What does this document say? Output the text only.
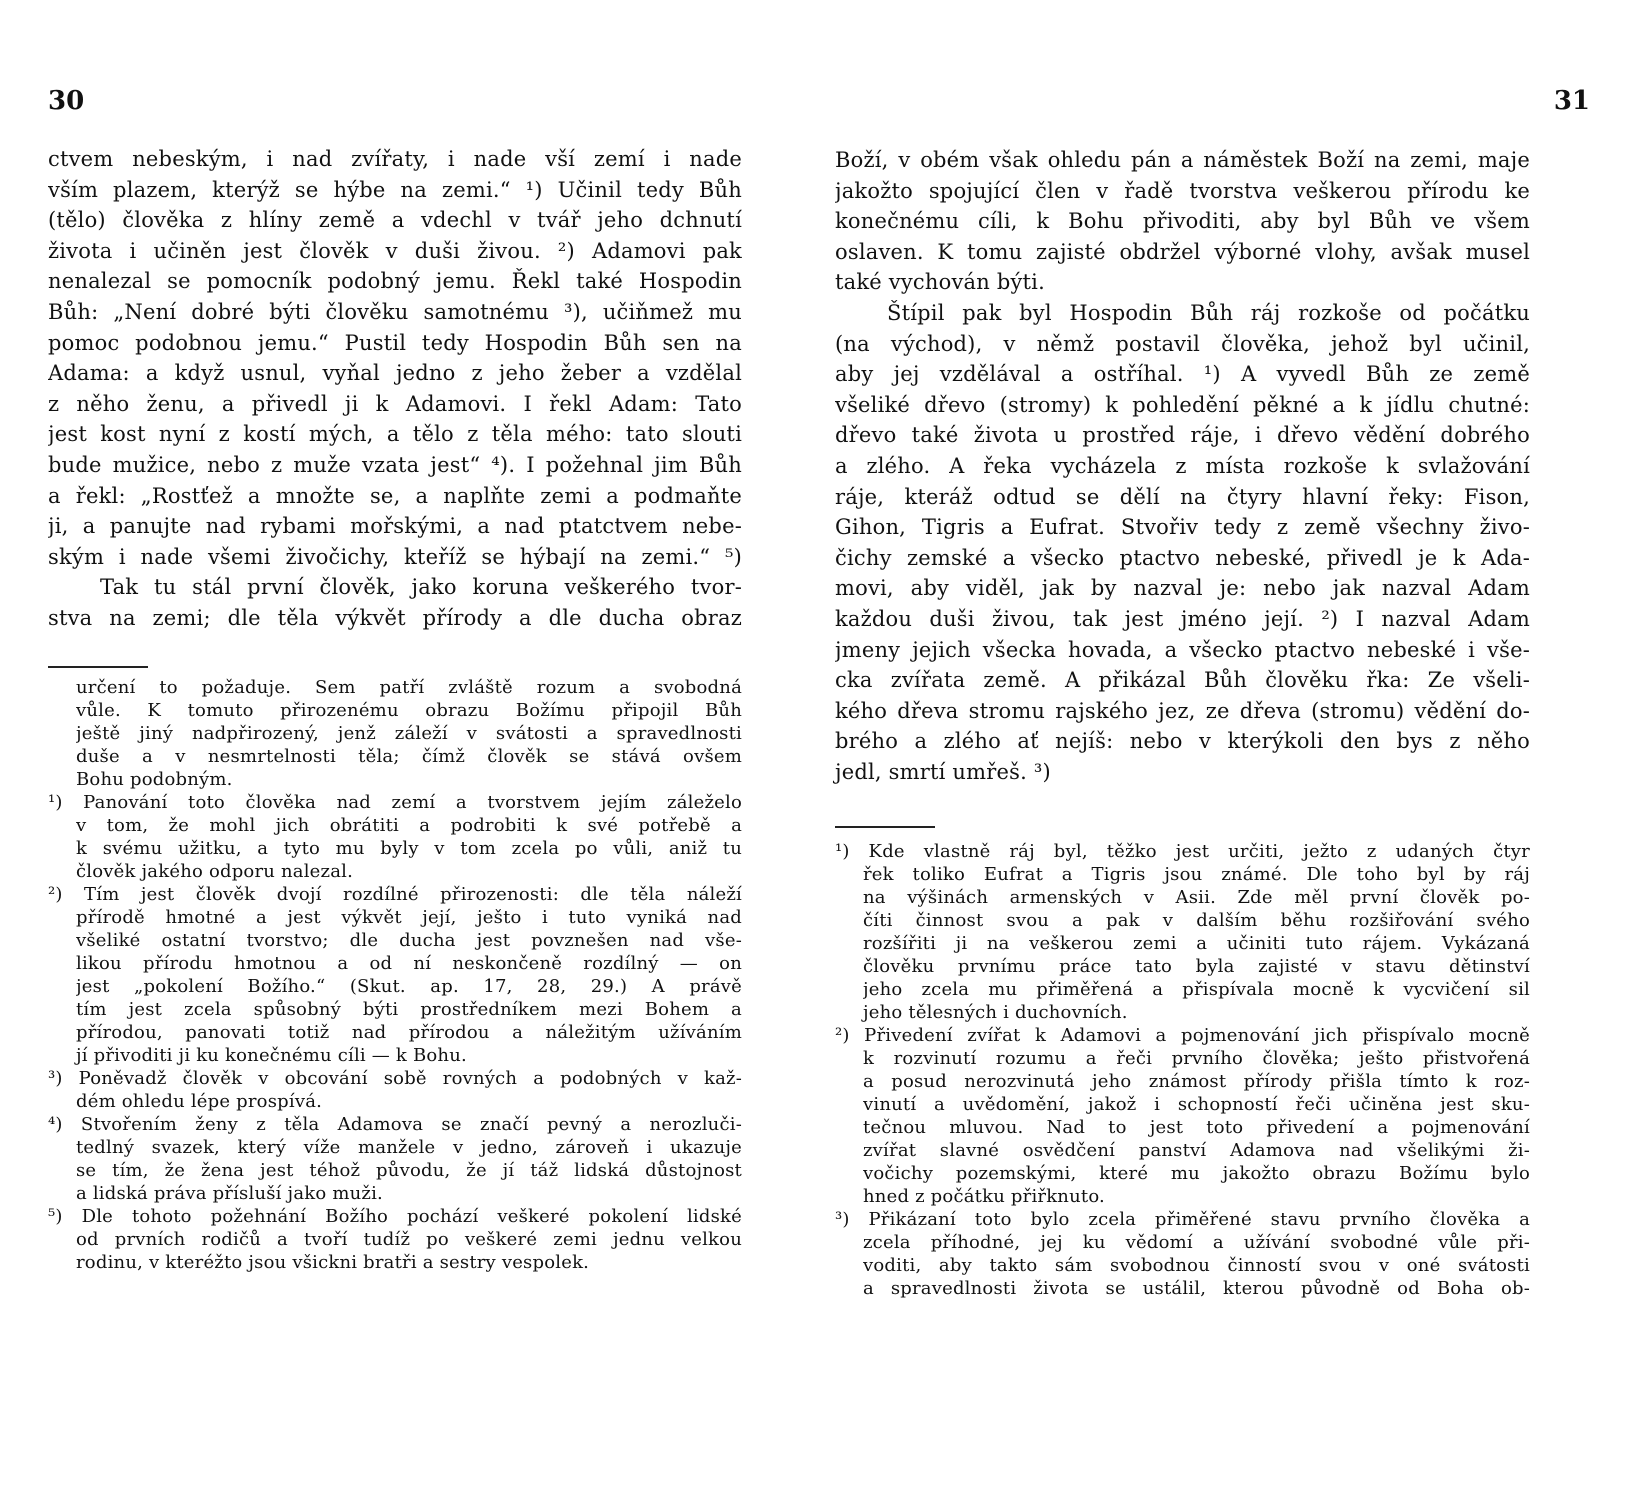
30
ctvem nebeským, i nad zvířaty, i nade vší zemí i nade
vším plazem, kterýž se hýbe na zemi.“ ¹) Učinil tedy Bůh
(tělo) člověka z hlíny země a vdechl v tvář jeho dchnutí
života i učiněn jest člověk v duši živou. ²) Adamovi pak
nenalezal se pomocník podobný jemu. Řekl také Hospodin
Bůh: „Není dobré býti člověku samotnému ³), učiňmež mu
pomoc podobnou jemu.“ Pustil tedy Hospodin Bůh sen na
Adama: a když usnul, vyňal jedno z jeho žeber a vzdělal
z něho ženu, a přivedl ji k Adamovi. I řekl Adam: Tato
jest kost nyní z kostí mých, a tělo z těla mého: tato slouti
bude mužice, nebo z muže vzata jest“ ⁴). I požehnal jim Bůh
a řekl: „Rostťež a množte se, a naplňte zemi a podmaňte
ji, a panujte nad rybami mořskými, a nad ptatctvem nebe-
ským i nade všemi živočichy, kteříž se hýbají na zemi.“ ⁵)
Tak tu stál první člověk, jako koruna veškerého tvor-
stva na zemi; dle těla výkvět přírody a dle ducha obraz
určení to požaduje. Sem patří zvláště rozum a svobodná
vůle. K tomuto přirozenému obrazu Božímu připojil Bůh
ještě jiný nadpřirozený, jenž záleží v svátosti a spravedlnosti
duše a v nesmrtelnosti těla; čímž člověk se stává ovšem
Bohu podobným.
¹) Panování toto člověka nad zemí a tvorstvem jejím záleželo
v tom, že mohl jich obrátiti a podrobiti k své potřebě a
k svému užitku, a tyto mu byly v tom zcela po vůli, aniž tu
člověk jakého odporu nalezal.
²) Tím jest člověk dvojí rozdílné přirozenosti: dle těla náleží
přírodě hmotné a jest výkvět její, ješto i tuto vyniká nad
všeliké ostatní tvorstvo; dle ducha jest povznešen nad vše-
likou přírodu hmotnou a od ní neskončeně rozdílný — on
jest „pokolení Božího.“ (Skut. ap. 17, 28, 29.) A právě
tím jest zcela spůsobný býti prostředníkem mezi Bohem a
přírodou, panovati totiž nad přírodou a náležitým užíváním
jí přivoditi ji ku konečnému cíli — k Bohu.
³) Poněvadž člověk v obcování sobě rovných a podobných v kaž-
dém ohledu lépe prospívá.
⁴) Stvořením ženy z těla Adamova se značí pevný a nerozluči-
tedlný svazek, který víže manžele v jedno, zároveň i ukazuje
se tím, že žena jest téhož původu, že jí táž lidská důstojnost
a lidská práva přísluší jako muži.
⁵) Dle tohoto požehnání Božího pochází veškeré pokolení lidské
od prvních rodičů a tvoří tudíž po veškeré zemi jednu velkou
rodinu, v kteréžto jsou všickni bratři a sestry vespolek.
31
Boží, v obém však ohledu pán a náměstek Boží na zemi, maje
jakožto spojující člen v řadě tvorstva veškerou přírodu ke
konečnému cíli, k Bohu přivoditi, aby byl Bůh ve všem
oslaven. K tomu zajisté obdržel výborné vlohy, avšak musel
také vychován býti.
Štípil pak byl Hospodin Bůh ráj rozkoše od počátku
(na východ), v němž postavil člověka, jehož byl učinil,
aby jej vzdělával a ostříhal. ¹) A vyvedl Bůh ze země
všeliké dřevo (stromy) k pohledění pěkné a k jídlu chutné:
dřevo také života u prostřed ráje, i dřevo vědění dobrého
a zlého. A řeka vycházela z místa rozkoše k svlažování
ráje, kteráž odtud se dělí na čtyry hlavní řeky: Fison,
Gihon, Tigris a Eufrat. Stvořiv tedy z země všechny živo-
čichy zemské a všecko ptactvo nebeské, přivedl je k Ada-
movi, aby viděl, jak by nazval je: nebo jak nazval Adam
každou duši živou, tak jest jméno její. ²) I nazval Adam
jmeny jejich všecka hovada, a všecko ptactvo nebeské i vše-
cka zvířata země. A přikázal Bůh člověku řka: Ze všeli-
kého dřeva stromu rajského jez, ze dřeva (stromu) vědění do-
brého a zlého ať nejíš: nebo v kterýkoli den bys z něho
jedl, smrtí umřeš. ³)
¹) Kde vlastně ráj byl, těžko jest určiti, ježto z udaných čtyr
řek toliko Eufrat a Tigris jsou známé. Dle toho byl by ráj
na výšinách armenských v Asii. Zde měl první člověk po-
číti činnost svou a pak v dalším běhu rozšiřování svého
rozšířiti ji na veškerou zemi a učiniti tuto rájem. Vykázaná
člověku prvnímu práce tato byla zajisté v stavu dětinství
jeho zcela mu přiměřená a přispívala mocně k vycvičení sil
jeho tělesných i duchovních.
²) Přivedení zvířat k Adamovi a pojmenování jich přispívalo mocně
k rozvinutí rozumu a řeči prvního člověka; ješto přistvořená
a posud nerozvinutá jeho známost přírody přišla tímto k roz-
vinutí a uvědomění, jakož i schopností řeči učiněna jest sku-
tečnou mluvou. Nad to jest toto přivedení a pojmenování
zvířat slavné osvědčení panství Adamova nad všelikými ži-
vočichy pozemskými, které mu jakožto obrazu Božímu bylo
hned z počátku přiřknuto.
³) Přikázaní toto bylo zcela přiměřené stavu prvního člověka a
zcela příhodné, jej ku vědomí a užívání svobodné vůle při-
voditi, aby takto sám svobodnou činností svou v oné svátosti
a spravedlnosti života se ustálil, kterou původně od Boha ob-
